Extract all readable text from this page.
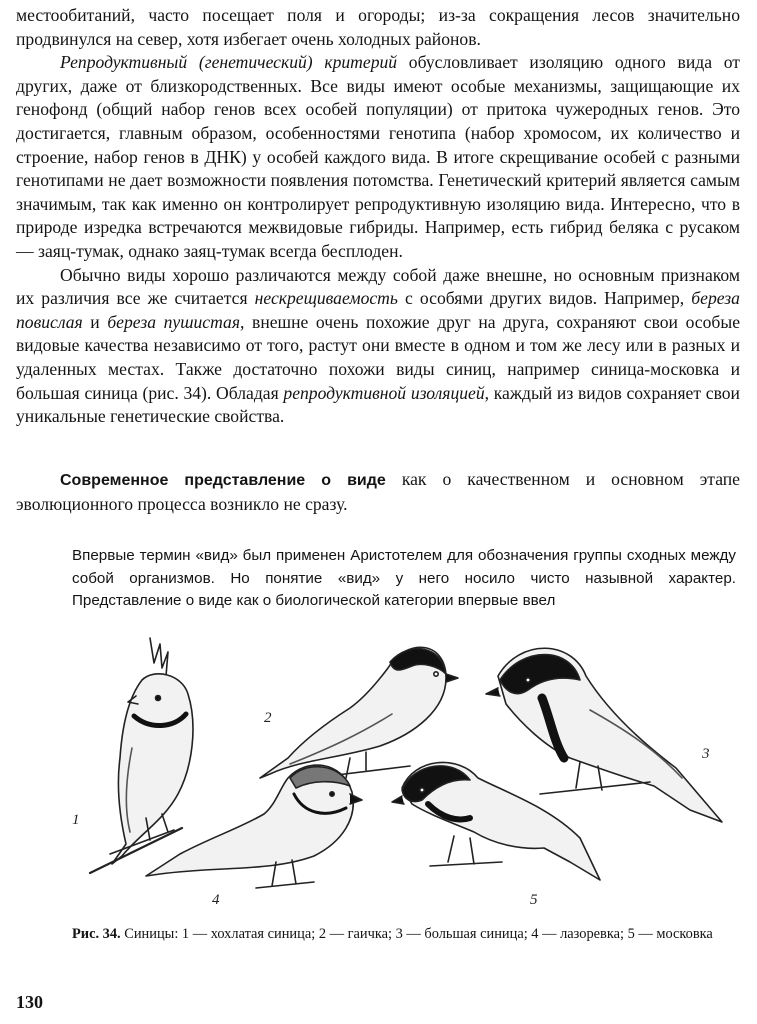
местообитаний, часто посещает поля и огороды; из-за сокращения лесов значительно продвинулся на север, хотя избегает очень холодных районов.

Репродуктивный (генетический) критерий обусловливает изоляцию одного вида от других, даже от близкородственных. Все виды имеют особые механизмы, защищающие их генофонд (общий набор генов всех особей популяции) от притока чужеродных генов. Это достигается, главным образом, особенностями генотипа (набор хромосом, их количество и строение, набор генов в ДНК) у особей каждого вида. В итоге скрещивание особей с разными генотипами не дает возможности появления потомства. Генетический критерий является самым значимым, так как именно он контролирует репродуктивную изоляцию вида. Интересно, что в природе изредка встречаются межвидовые гибриды. Например, есть гибрид беляка с русаком — заяц-тумак, однако заяц-тумак всегда бесплоден.

Обычно виды хорошо различаются между собой даже внешне, но основным признаком их различия все же считается нескрещиваемость с особями других видов. Например, береза повислая и береза пушистая, внешне очень похожие друг на друга, сохраняют свои особые видовые качества независимо от того, растут они вместе в одном и том же лесу или в разных и удаленных местах. Также достаточно похожи виды синиц, например синица-московка и большая синица (рис. 34). Обладая репродуктивной изоляцией, каждый из видов сохраняет свои уникальные генетические свойства.

Современное представление о виде как о качественном и основном этапе эволюционного процесса возникло не сразу.

Впервые термин «вид» был применен Аристотелем для обозначения группы сходных между собой организмов. Но понятие «вид» у него носило чисто назывной характер. Представление о виде как о биологической категории впервые ввел
1
2
3
4	5
Рис. 34. Синицы: 1 — хохлатая синица; 2 — гаичка; 3 — большая синица; 4 — лазоревка; 5 — московка
130
